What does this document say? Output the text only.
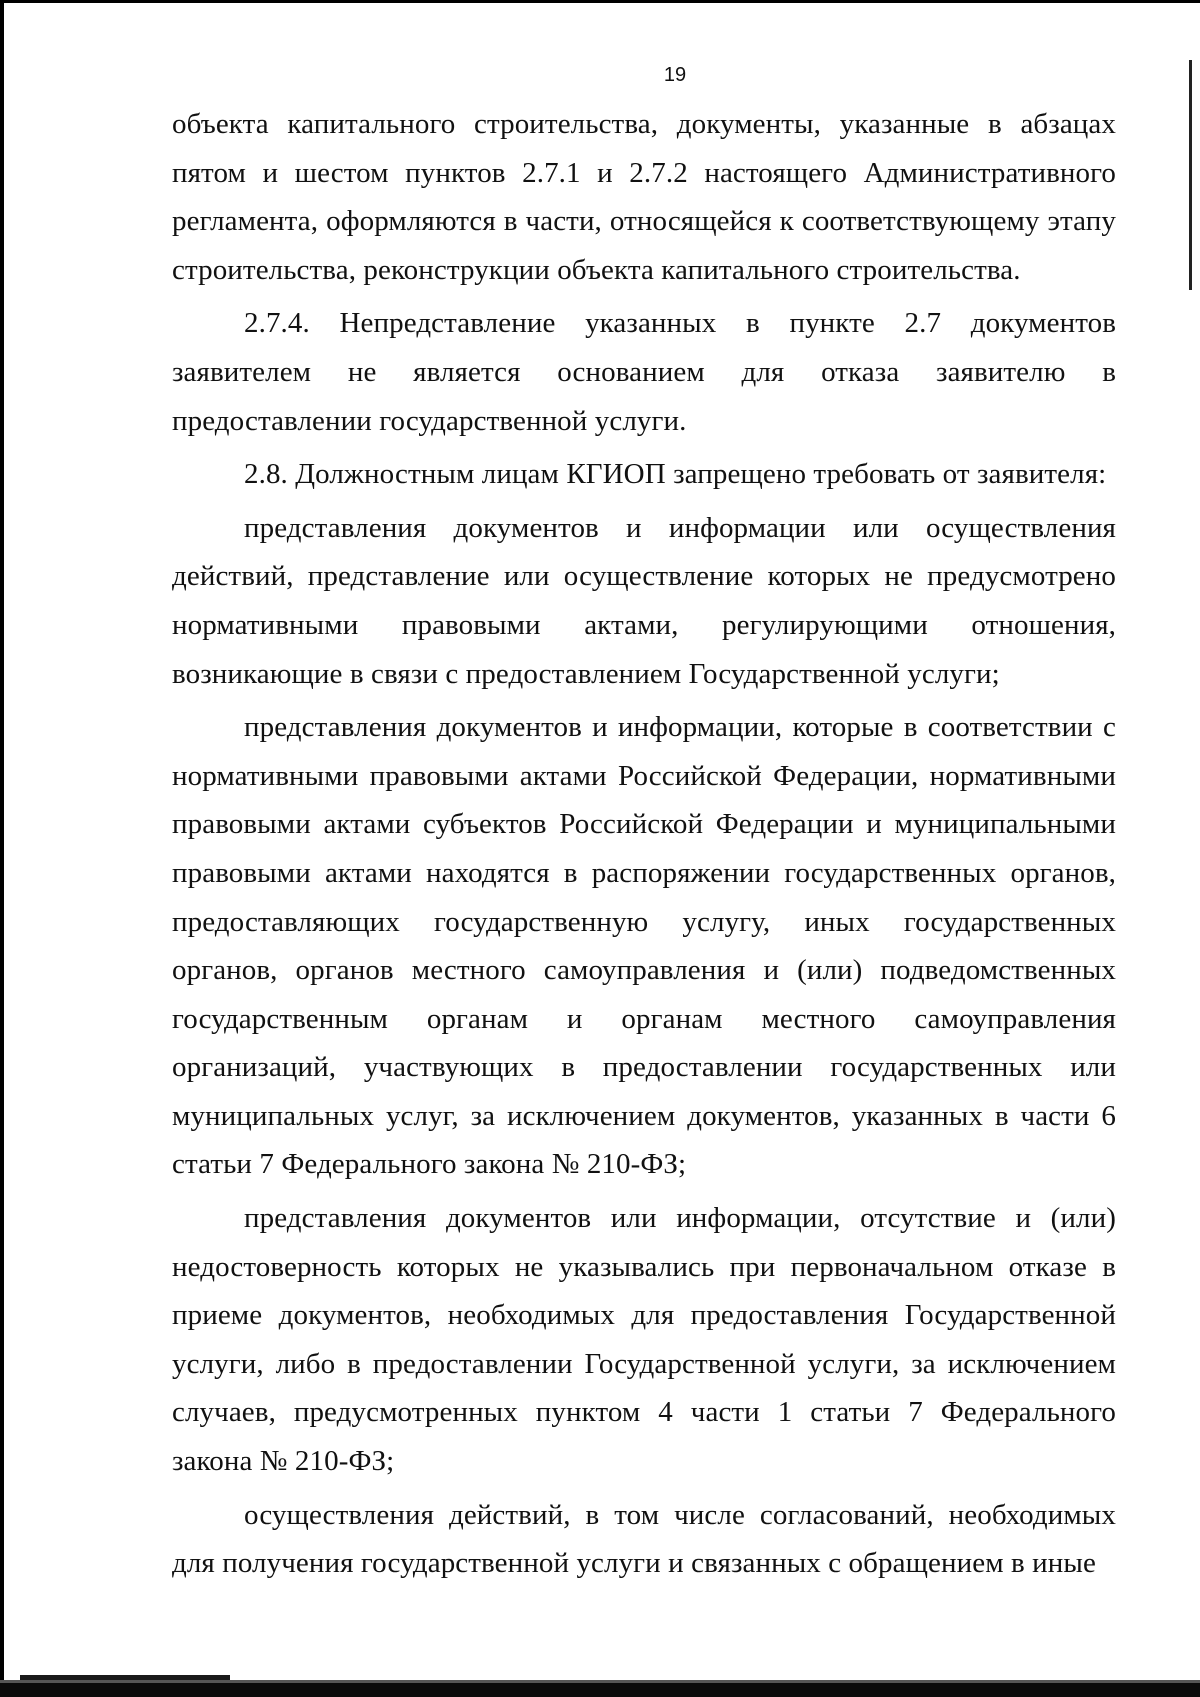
19

объекта капитального строительства, документы, указанные в абзацах пятом и шестом пунктов 2.7.1 и 2.7.2 настоящего Административного регламента, оформляются в части, относящейся к соответствующему этапу строительства, реконструкции объекта капитального строительства.

2.7.4. Непредставление указанных в пункте 2.7 документов заявителем не является основанием для отказа заявителю в предоставлении государственной услуги.

2.8. Должностным лицам КГИОП запрещено требовать от заявителя:

представления документов и информации или осуществления действий, представление или осуществление которых не предусмотрено нормативными правовыми актами, регулирующими отношения, возникающие в связи с предоставлением Государственной услуги;

представления документов и информации, которые в соответствии с нормативными правовыми актами Российской Федерации, нормативными правовыми актами субъектов Российской Федерации и муниципальными правовыми актами находятся в распоряжении государственных органов, предоставляющих государственную услугу, иных государственных органов, органов местного самоуправления и (или) подведомственных государственным органам и органам местного самоуправления организаций, участвующих в предоставлении государственных или муниципальных услуг, за исключением документов, указанных в части 6 статьи 7 Федерального закона № 210-ФЗ;

представления документов или информации, отсутствие и (или) недостоверность которых не указывались при первоначальном отказе в приеме документов, необходимых для предоставления Государственной услуги, либо в предоставлении Государственной услуги, за исключением случаев, предусмотренных пунктом 4 части 1 статьи 7 Федерального закона № 210-ФЗ;

осуществления действий, в том числе согласований, необходимых для получения государственной услуги и связанных с обращением в иные
